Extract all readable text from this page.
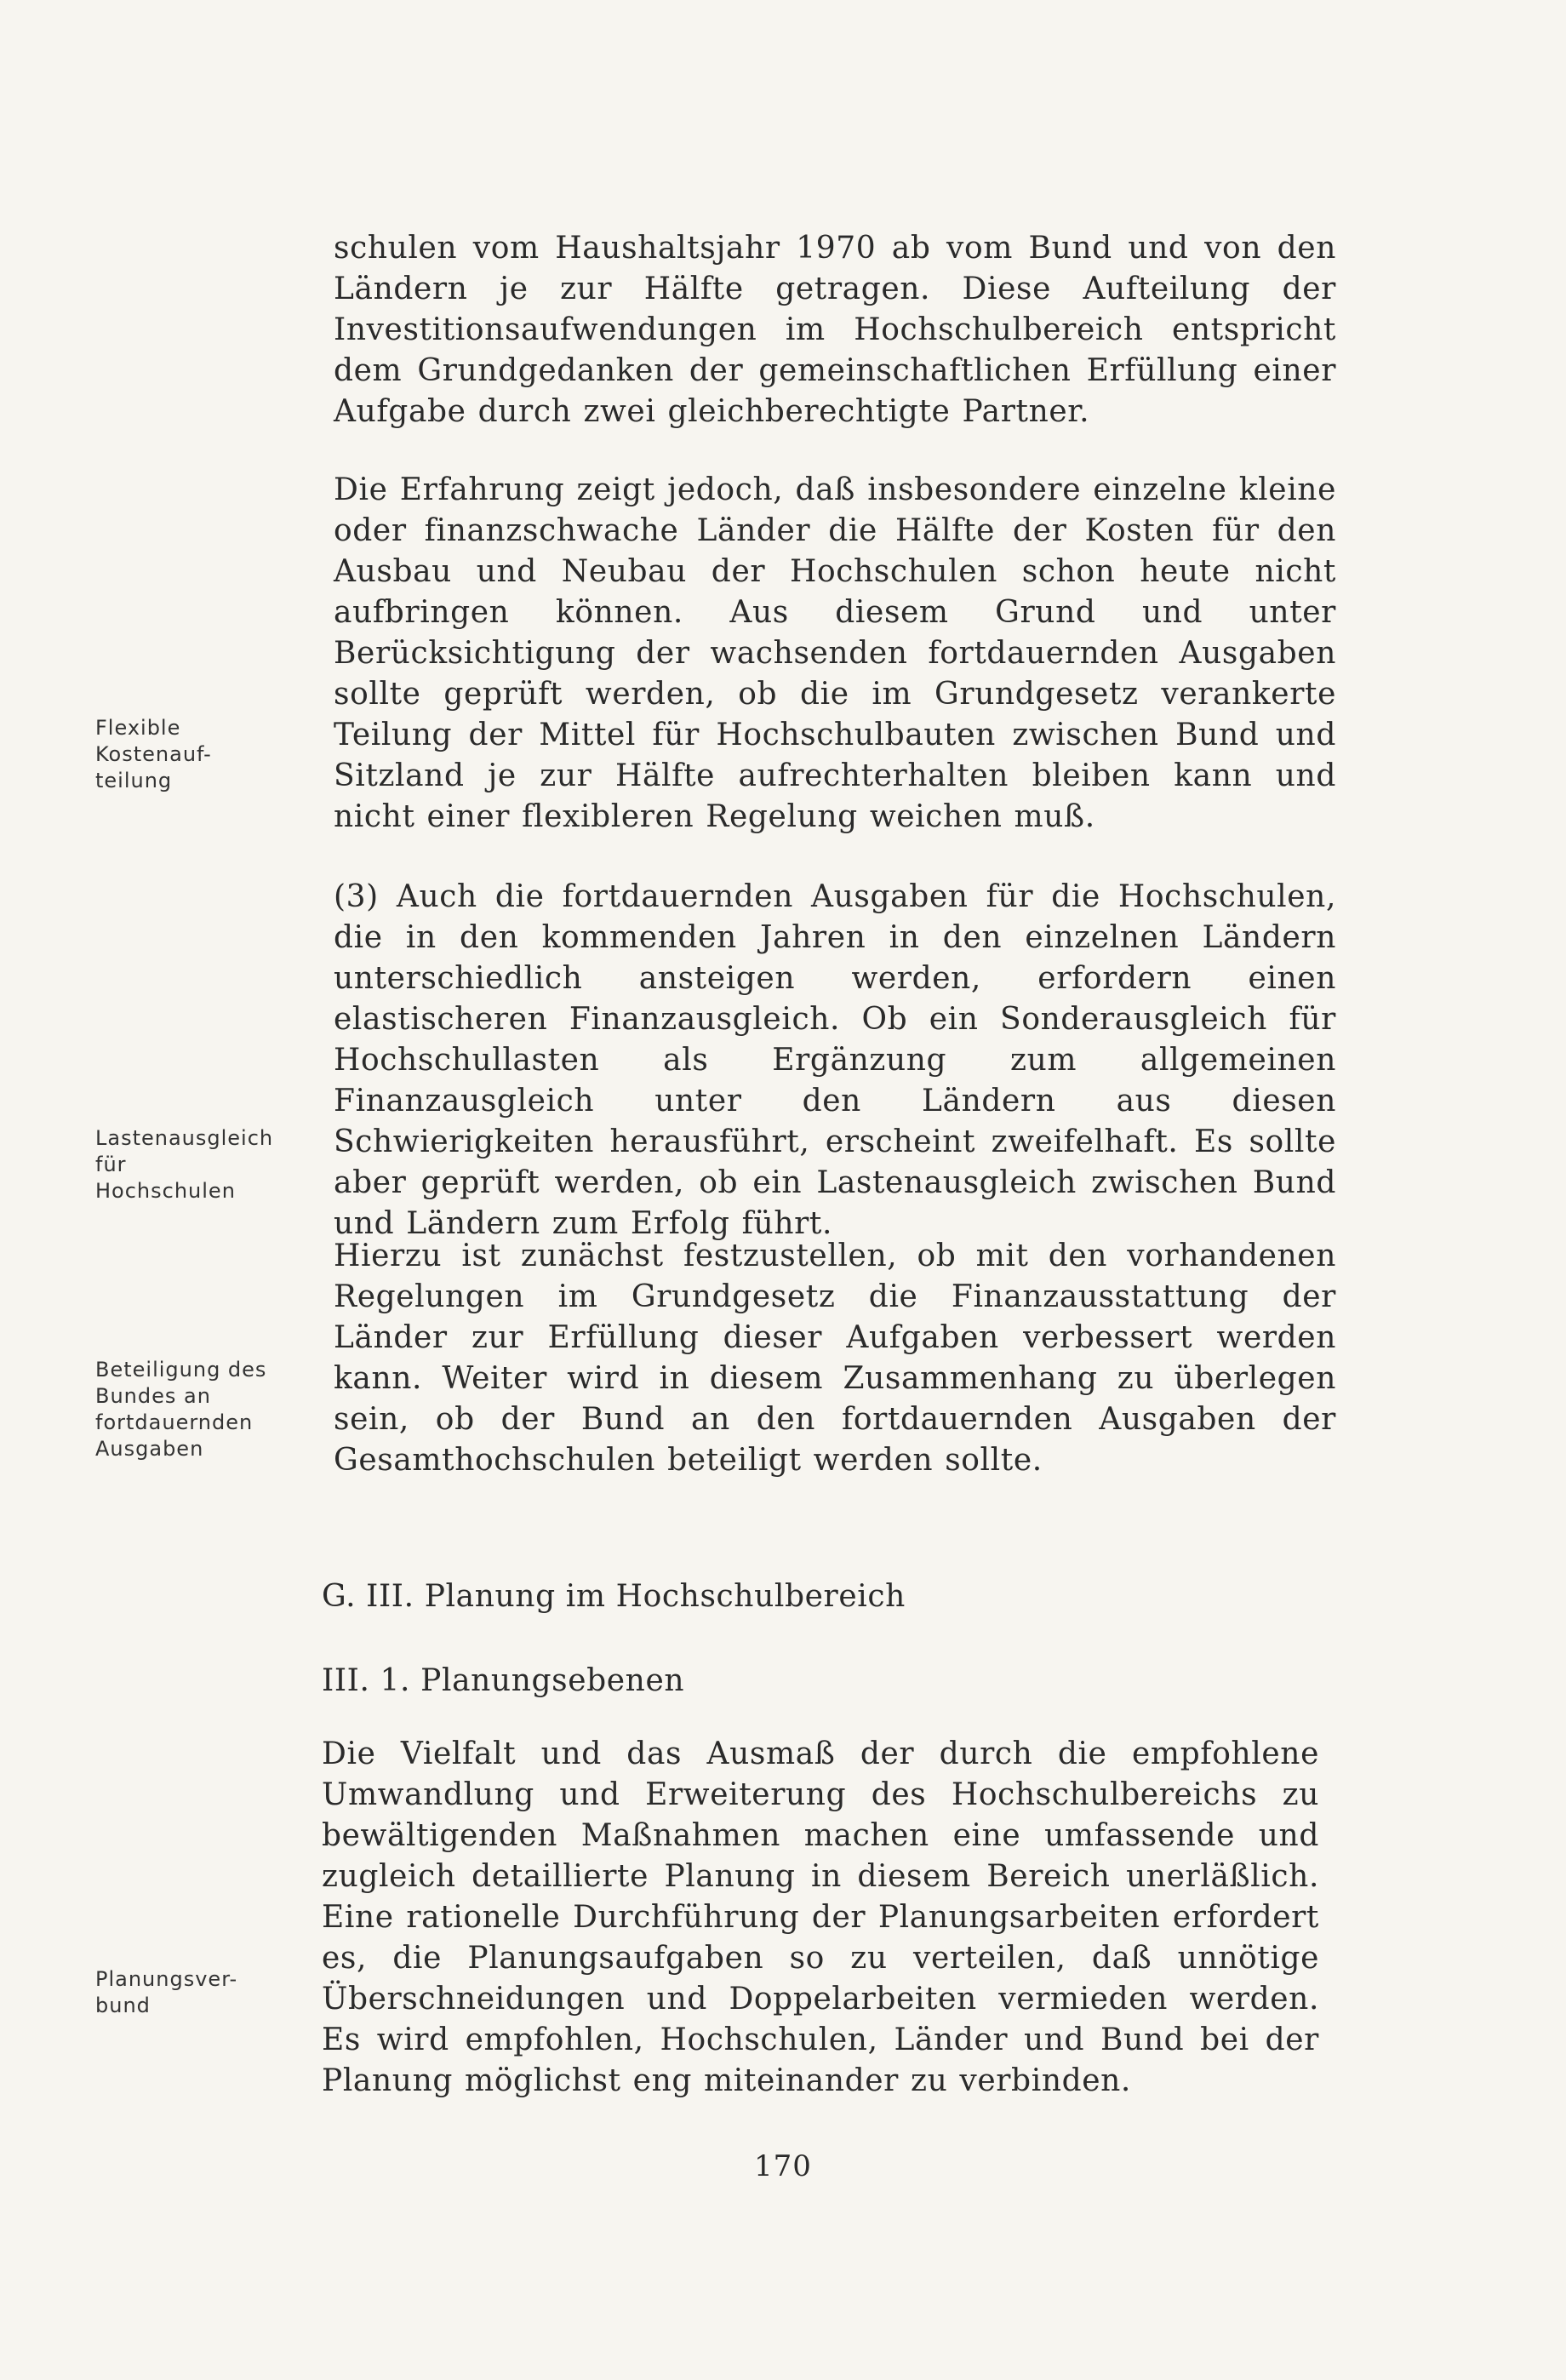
schulen vom Haushaltsjahr 1970 ab vom Bund und von den Ländern je zur Hälfte getragen. Diese Aufteilung der Investitionsaufwendungen im Hochschulbereich entspricht dem Grundgedanken der gemeinschaftlichen Erfüllung einer Aufgabe durch zwei gleichberechtigte Partner.

Die Erfahrung zeigt jedoch, daß insbesondere einzelne kleine oder finanzschwache Länder die Hälfte der Kosten für den Ausbau und Neubau der Hochschulen schon heute nicht aufbringen können. Aus diesem Grund und unter Berücksichtigung der wachsenden fortdauernden Ausgaben sollte geprüft werden, ob die im Grundgesetz verankerte Teilung der Mittel für Hochschulbauten zwischen Bund und Sitzland je zur Hälfte aufrechterhalten bleiben kann und nicht einer flexibleren Regelung weichen muß.

(3) Auch die fortdauernden Ausgaben für die Hochschulen, die in den kommenden Jahren in den einzelnen Ländern unterschiedlich ansteigen werden, erfordern einen elastischeren Finanzausgleich. Ob ein Sonderausgleich für Hochschullasten als Ergänzung zum allgemeinen Finanzausgleich unter den Ländern aus diesen Schwierigkeiten herausführt, erscheint zweifelhaft. Es sollte aber geprüft werden, ob ein Lastenausgleich zwischen Bund und Ländern zum Erfolg führt.

Hierzu ist zunächst festzustellen, ob mit den vorhandenen Regelungen im Grundgesetz die Finanzausstattung der Länder zur Erfüllung dieser Aufgaben verbessert werden kann. Weiter wird in diesem Zusammenhang zu überlegen sein, ob der Bund an den fortdauernden Ausgaben der Gesamthochschulen beteiligt werden sollte.

G. III. Planung im Hochschulbereich
III. 1. Planungsebenen

Die Vielfalt und das Ausmaß der durch die empfohlene Umwandlung und Erweiterung des Hochschulbereichs zu bewältigenden Maßnahmen machen eine umfassende und zugleich detaillierte Planung in diesem Bereich unerläßlich. Eine rationelle Durchführung der Planungsarbeiten erfordert es, die Planungsaufgaben so zu verteilen, daß unnötige Überschneidungen und Doppelarbeiten vermieden werden. Es wird empfohlen, Hochschulen, Länder und Bund bei der Planung möglichst eng miteinander zu verbinden.

Flexible
Kostenauf-
teilung
Lastenausgleich
für
Hochschulen
Beteiligung des
Bundes an
fortdauernden
Ausgaben
Planungsver-
bund

170
